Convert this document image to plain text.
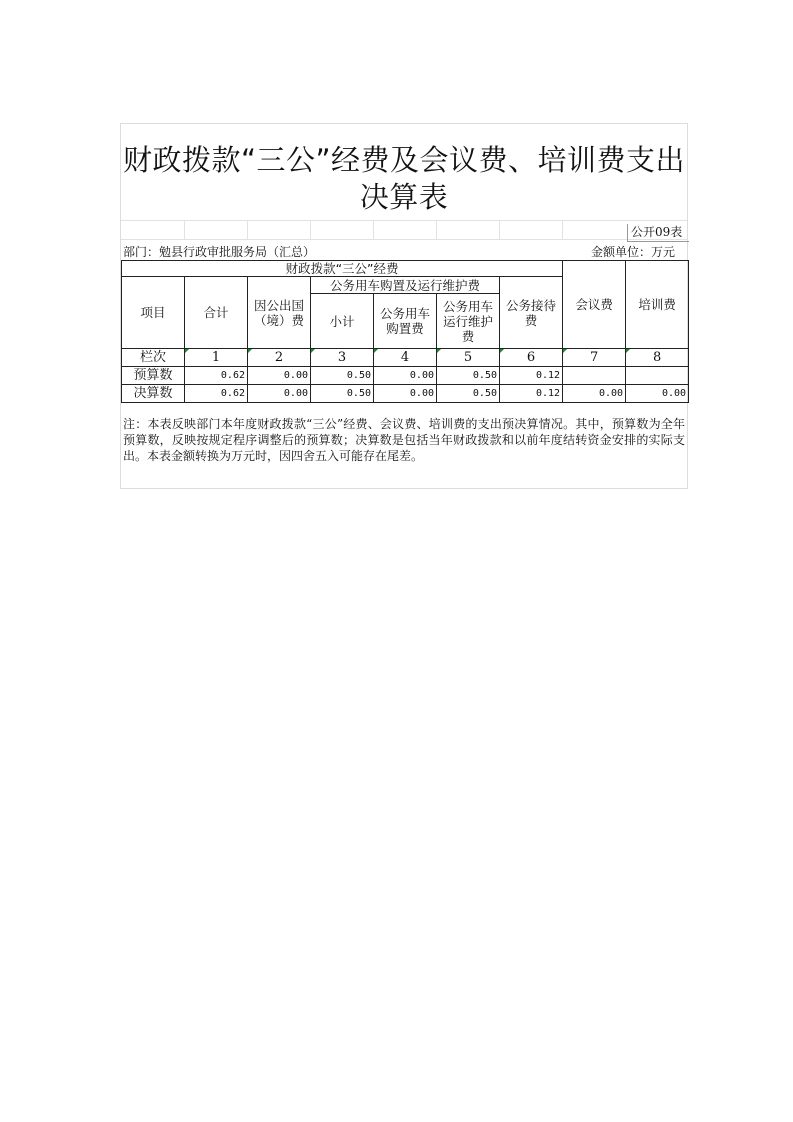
财政拨款“三公”经费及会议费、培训费支出决算表
公开09表
部门：勉县行政审批服务局（汇总）	金额单位：万元
财政拨款“三公”经费							会议费	培训费
项目	合计	因公出国（境）费	公务用车购置及运行维护费			公务接待费		
			小计	公务用车购置费	公务用车运行维护费			
栏次	1	2	3	4	5	6	7	8
预算数	0.62	0.00	0.50	0.00	0.50	0.12		
决算数	0.62	0.00	0.50	0.00	0.50	0.12	0.00	0.00
注：本表反映部门本年度财政拨款“三公”经费、会议费、培训费的支出预决算情况。其中，预算数为全年预算数，反映按规定程序调整后的预算数；决算数是包括当年财政拨款和以前年度结转资金安排的实际支出。本表金额转换为万元时，因四舍五入可能存在尾差。
